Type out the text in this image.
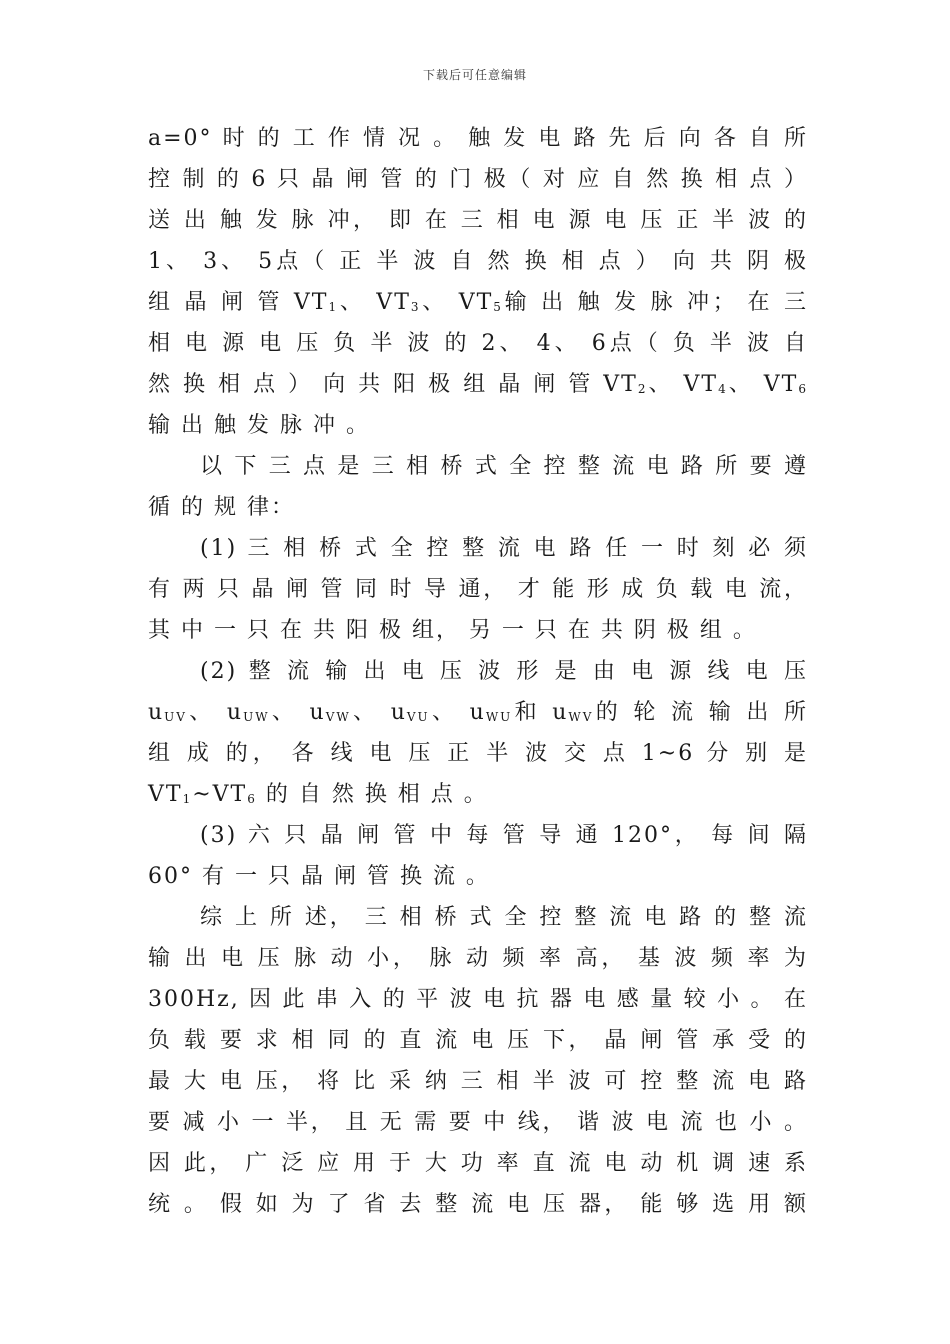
下载后可任意编辑
a=0° 时 的 工 作 情 况 。 触 发 电 路 先 后 向 各 自 所
控 制 的 6 只 晶 闸 管 的 门 极（ 对 应 自 然 换 相 点 ）
送 出 触 发 脉 冲， 即 在 三 相 电 源 电 压 正 半 波 的
1、 3、 5点（ 正 半 波 自 然 换 相 点 ） 向 共 阴 极
组 晶 闸 管 $VT_1$、 $VT_3$、 $VT_5$输 出 触 发 脉 冲； 在 三
相 电 源 电 压 负 半 波 的 2、 4、 6点（ 负 半 波 自
然 换 相 点 ） 向 共 阳 极 组 晶 闸 管 $VT_2$、 $VT_4$、 $VT_6$
输 出 触 发 脉 冲 。
以 下 三 点 是 三 相 桥 式 全 控 整 流 电 路 所 要 遵
循 的 规 律：
(1) 三 相 桥 式 全 控 整 流 电 路 任 一 时 刻 必 须
有 两 只 晶 闸 管 同 时 导 通， 才 能 形 成 负 载 电 流，
其 中 一 只 在 共 阳 极 组， 另 一 只 在 共 阴 极 组 。
(2) 整 流 输 出 电 压 波 形 是 由 电 源 线 电 压
$u_{UV}$、 $u_{UW}$、 $u_{VW}$、 $u_{VU}$、 $u_{WU}$和 $u_{WV}$的 轮 流 输 出 所
组 成 的， 各 线 电 压 正 半 波 交 点 1~6 分 别 是
$VT_1\sim VT_6$ 的 自 然 换 相 点 。
(3) 六 只 晶 闸 管 中 每 管 导 通 120°， 每 间 隔
60° 有 一 只 晶 闸 管 换 流 。
综 上 所 述， 三 相 桥 式 全 控 整 流 电 路 的 整 流
输 出 电 压 脉 动 小， 脉 动 频 率 高， 基 波 频 率 为
300Hz, 因 此 串 入 的 平 波 电 抗 器 电 感 量 较 小 。 在
负 载 要 求 相 同 的 直 流 电 压 下， 晶 闸 管 承 受 的
最 大 电 压， 将 比 采 纳 三 相 半 波 可 控 整 流 电 路
要 减 小 一 半， 且 无 需 要 中 线， 谐 波 电 流 也 小 。
因 此， 广 泛 应 用 于 大 功 率 直 流 电 动 机 调 速 系
统 。 假 如 为 了 省 去 整 流 电 压 器， 能 够 选 用 额
